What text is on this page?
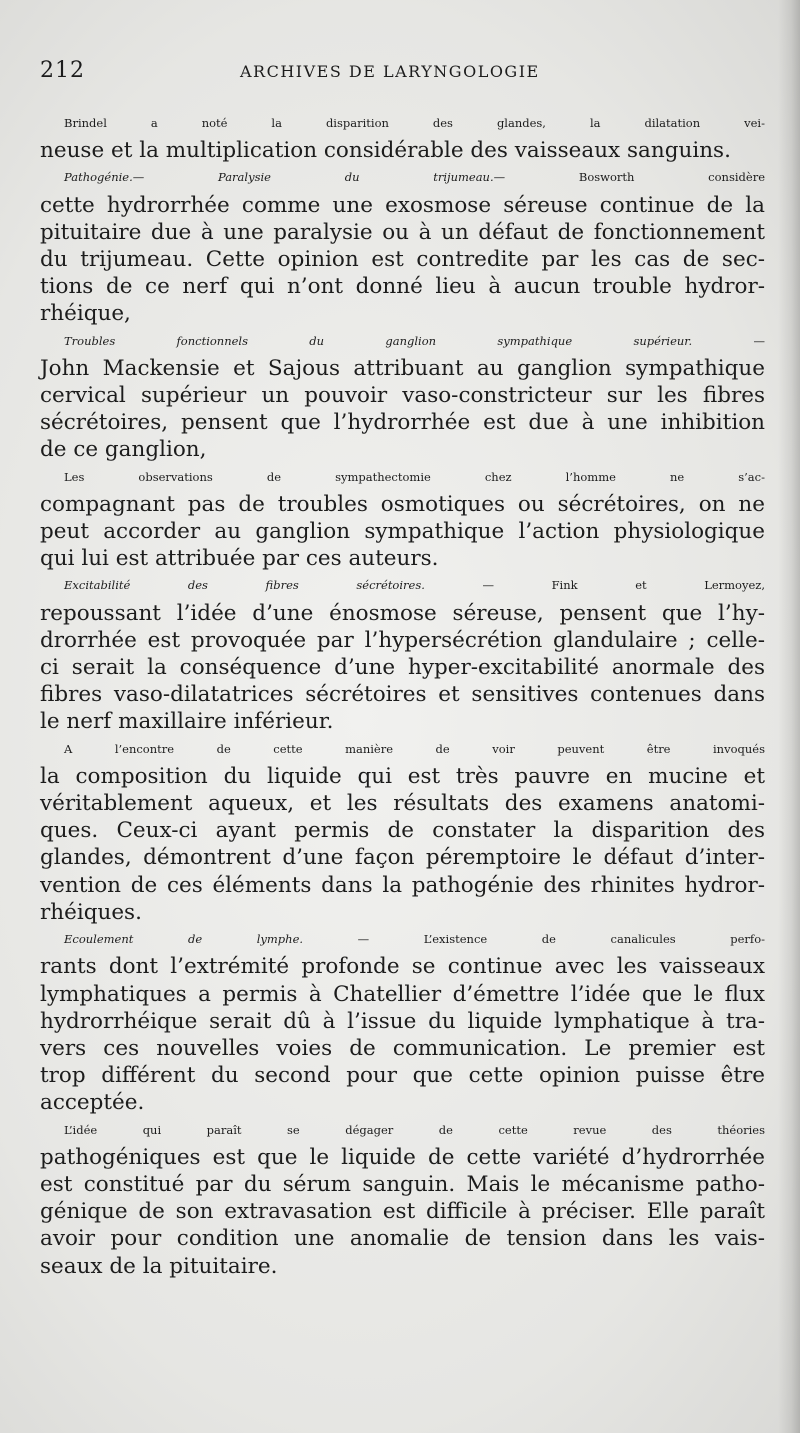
212	ARCHIVES DE LARYNGOLOGIE

Brindel a noté la disparition des glandes, la dilatation vei-
neuse et la multiplication considérable des vaisseaux sanguins.

Pathogénie.— Paralysie du trijumeau.— Bosworth considère
cette hydrorrhée comme une exosmose séreuse continue de la
pituitaire due à une paralysie ou à un défaut de fonctionnement
du trijumeau. Cette opinion est contredite par les cas de sec-
tions de ce nerf qui n’ont donné lieu à aucun trouble hydror-
rhéique,

Troubles fonctionnels du ganglion sympathique supérieur. —
John Mackensie et Sajous attribuant au ganglion sympathique
cervical supérieur un pouvoir vaso-constricteur sur les fibres
sécrétoires, pensent que l’hydrorrhée est due à une inhibition
de ce ganglion,

Les observations de sympathectomie chez l’homme ne s’ac-
compagnant pas de troubles osmotiques ou sécrétoires, on ne
peut accorder au ganglion sympathique l’action physiologique
qui lui est attribuée par ces auteurs.

Excitabilité des fibres sécrétoires. — Fink et Lermoyez,
repoussant l’idée d’une énosmose séreuse, pensent que l’hy-
drorrhée est provoquée par l’hypersécrétion glandulaire ; celle-
ci serait la conséquence d’une hyper-excitabilité anormale des
fibres vaso-dilatatrices sécrétoires et sensitives contenues dans
le nerf maxillaire inférieur.

A l’encontre de cette manière de voir peuvent être invoqués
la composition du liquide qui est très pauvre en mucine et
véritablement aqueux, et les résultats des examens anatomi-
ques. Ceux-ci ayant permis de constater la disparition des
glandes, démontrent d’une façon péremptoire le défaut d’inter-
vention de ces éléments dans la pathogénie des rhinites hydror-
rhéiques.

Ecoulement de lymphe. — L’existence de canalicules perfo-
rants dont l’extrémité profonde se continue avec les vaisseaux
lymphatiques a permis à Chatellier d’émettre l’idée que le flux
hydrorrhéique serait dû à l’issue du liquide lymphatique à tra-
vers ces nouvelles voies de communication. Le premier est
trop différent du second pour que cette opinion puisse être
acceptée.

L’idée qui paraît se dégager de cette revue des théories
pathogéniques est que le liquide de cette variété d’hydrorrhée
est constitué par du sérum sanguin. Mais le mécanisme patho-
génique de son extravasation est difficile à préciser. Elle paraît
avoir pour condition une anomalie de tension dans les vais-
seaux de la pituitaire.
